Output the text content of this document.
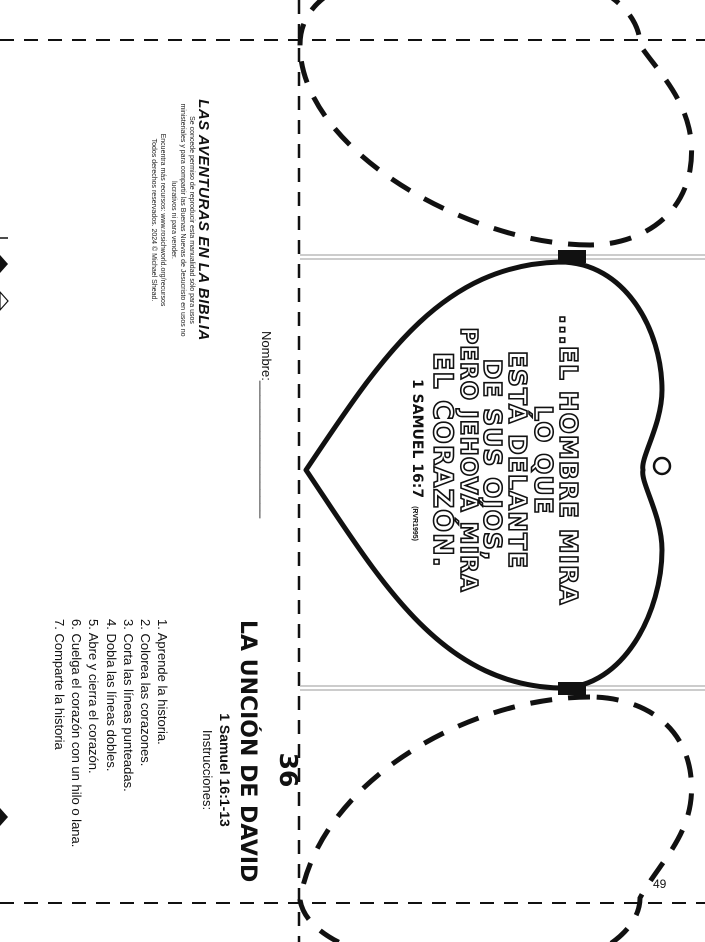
49
LAS AVENTURAS EN LA BIBLIA
Se concede permiso de reproducir esta manualidad sólo para usos
ministeriales y para compartir las Buenas Nuevas de Jesucristo en usos no
lucrativos ni para vender.
Encuentra más recursos: www.rosichworld.org/recursos
Todos derechos reservados. 2024 © Michael Shead.
Nombre:___________________
36
LA UNCIÓN DE DAVID
1 Samuel 16:1-13
Instrucciones:
1. Aprende la historia.
2. Colorea las corazones.
3. Corta las líneas punteadas.
4. Dobla las líneas dobles.
5. Abre y cierra el corazón.
6. Cuelga el corazón con un hilo o lana.
7. Comparte la historia
...EL HOMBRE MIRA
LO QUE
ESTÁ DELANTE
DE SUS OJOS,
PERO JEHOVÁ MIRA
EL CORAZÓN.
1 SAMUEL 16:7
(RVR1995)
